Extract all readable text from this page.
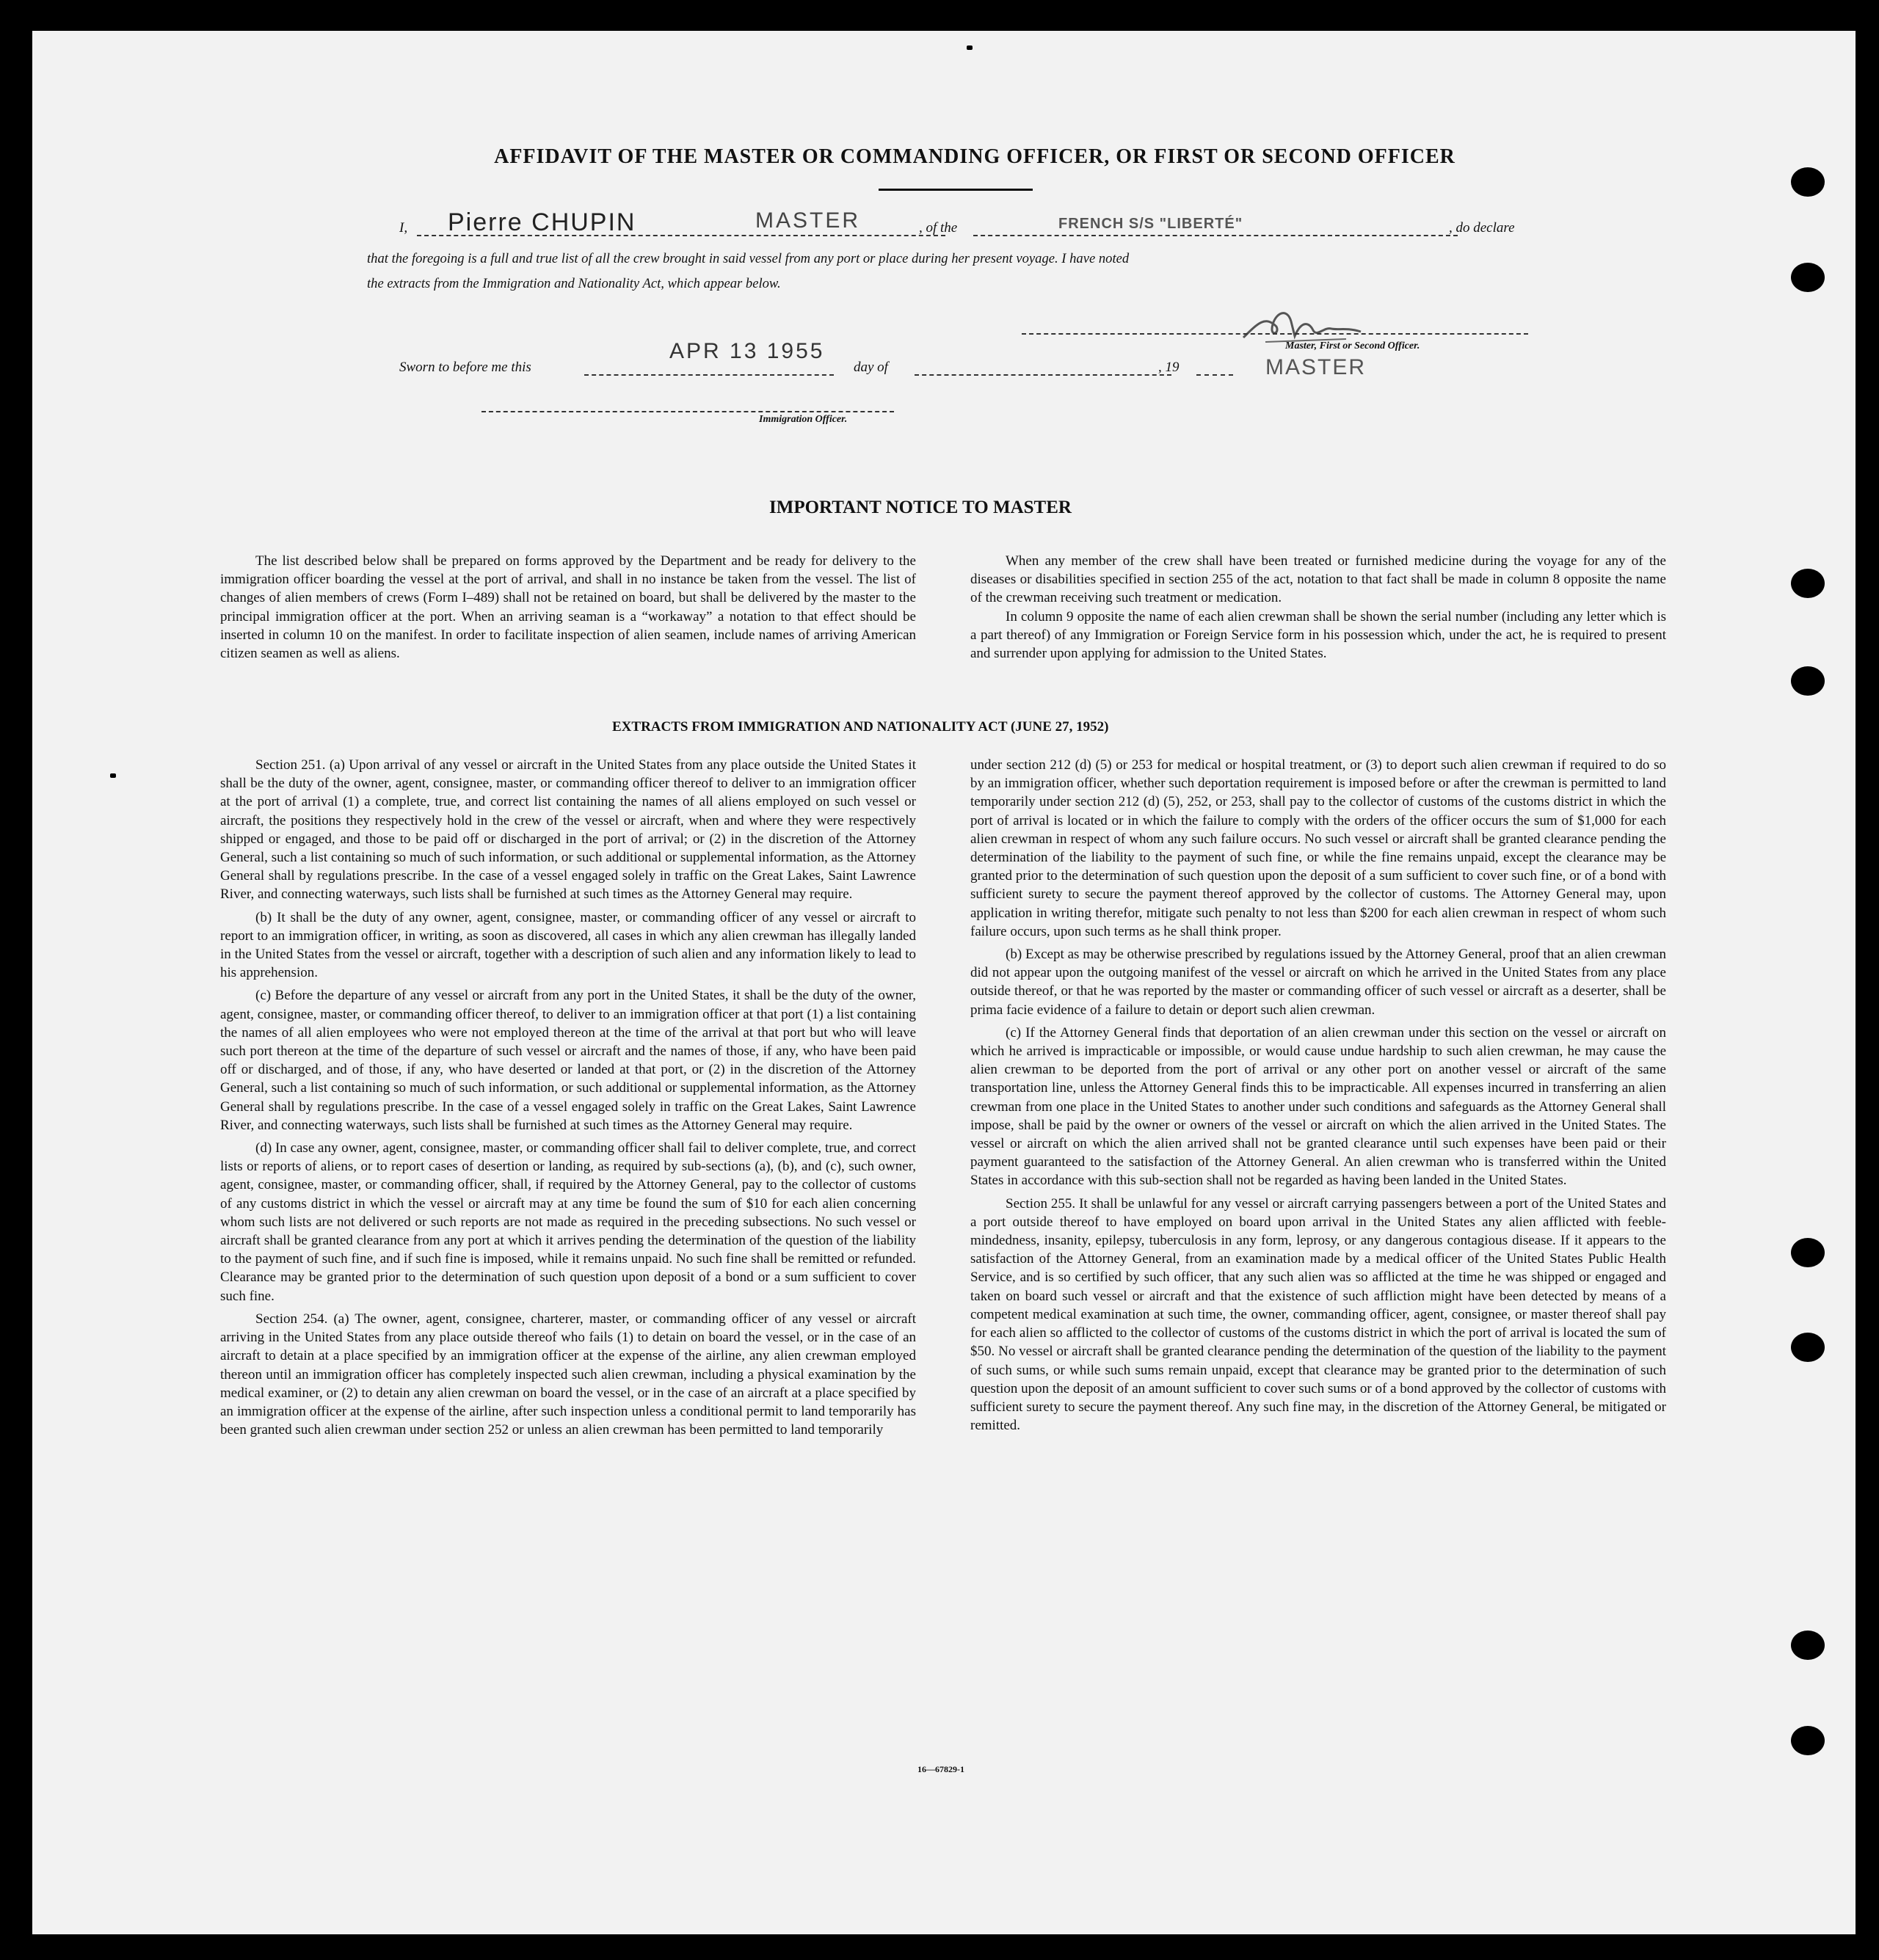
AFFIDAVIT OF THE MASTER OR COMMANDING OFFICER, OR FIRST OR SECOND OFFICER
I, Pierre CHUPIN	MASTER	, of the	FRENCH S/S "LIBERTÉ"	, do declare
that the foregoing is a full and true list of all the crew brought in said vessel from any port or place during her present voyage. I have noted
the extracts from the Immigration and Nationality Act, which appear below.
Master, First or Second Officer.
Sworn to before me this
APR 13 1955
day of	, 19	MASTER
Immigration Officer.
IMPORTANT NOTICE TO MASTER

The list described below shall be prepared on forms approved by the Department and be ready for delivery to the immigration officer boarding the vessel at the port of arrival, and shall in no instance be taken from the vessel. The list of changes of alien members of crews (Form I–489) shall not be retained on board, but shall be delivered by the master to the principal immigration officer at the port. When an arriving seaman is a “workaway” a notation to that effect should be inserted in column 10 on the manifest. In order to facilitate inspection of alien seamen, include names of arriving American citizen seamen as well as aliens.

When any member of the crew shall have been treated or furnished medicine during the voyage for any of the diseases or disabilities specified in section 255 of the act, notation to that fact shall be made in column 8 opposite the name of the crewman receiving such treatment or medication.

In column 9 opposite the name of each alien crewman shall be shown the serial number (including any letter which is a part thereof) of any Immigration or Foreign Service form in his possession which, under the act, he is required to present and surrender upon applying for admission to the United States.

EXTRACTS FROM IMMIGRATION AND NATIONALITY ACT (JUNE 27, 1952)

Section 251. (a) Upon arrival of any vessel or aircraft in the United States from any place outside the United States it shall be the duty of the owner, agent, consignee, master, or commanding officer thereof to deliver to an immigration officer at the port of arrival (1) a complete, true, and correct list containing the names of all aliens employed on such vessel or aircraft, the positions they respectively hold in the crew of the vessel or aircraft, when and where they were respectively shipped or engaged, and those to be paid off or discharged in the port of arrival; or (2) in the discretion of the Attorney General, such a list containing so much of such information, or such additional or supplemental information, as the Attorney General shall by regulations prescribe. In the case of a vessel engaged solely in traffic on the Great Lakes, Saint Lawrence River, and connecting waterways, such lists shall be furnished at such times as the Attorney General may require.

(b) It shall be the duty of any owner, agent, consignee, master, or commanding officer of any vessel or aircraft to report to an immigration officer, in writing, as soon as discovered, all cases in which any alien crewman has illegally landed in the United States from the vessel or aircraft, together with a description of such alien and any information likely to lead to his apprehension.

(c) Before the departure of any vessel or aircraft from any port in the United States, it shall be the duty of the owner, agent, consignee, master, or commanding officer thereof, to deliver to an immigration officer at that port (1) a list containing the names of all alien employees who were not employed thereon at the time of the arrival at that port but who will leave such port thereon at the time of the departure of such vessel or aircraft and the names of those, if any, who have been paid off or discharged, and of those, if any, who have deserted or landed at that port, or (2) in the discretion of the Attorney General, such a list containing so much of such information, or such additional or supplemental information, as the Attorney General shall by regulations prescribe. In the case of a vessel engaged solely in traffic on the Great Lakes, Saint Lawrence River, and connecting waterways, such lists shall be furnished at such times as the Attorney General may require.

(d) In case any owner, agent, consignee, master, or commanding officer shall fail to deliver complete, true, and correct lists or reports of aliens, or to report cases of desertion or landing, as required by sub-sections (a), (b), and (c), such owner, agent, consignee, master, or commanding officer, shall, if required by the Attorney General, pay to the collector of customs of any customs district in which the vessel or aircraft may at any time be found the sum of $10 for each alien concerning whom such lists are not delivered or such reports are not made as required in the preceding subsections. No such vessel or aircraft shall be granted clearance from any port at which it arrives pending the determination of the question of the liability to the payment of such fine, and if such fine is imposed, while it remains unpaid. No such fine shall be remitted or refunded. Clearance may be granted prior to the determination of such question upon deposit of a bond or a sum sufficient to cover such fine.

Section 254. (a) The owner, agent, consignee, charterer, master, or commanding officer of any vessel or aircraft arriving in the United States from any place outside thereof who fails (1) to detain on board the vessel, or in the case of an aircraft to detain at a place specified by an immigration officer at the expense of the airline, any alien crewman employed thereon until an immigration officer has completely inspected such alien crewman, including a physical examination by the medical examiner, or (2) to detain any alien crewman on board the vessel, or in the case of an aircraft at a place specified by an immigration officer at the expense of the airline, after such inspection unless a conditional permit to land temporarily has been granted such alien crewman under section 252 or unless an alien crewman has been permitted to land temporarily

under section 212 (d) (5) or 253 for medical or hospital treatment, or (3) to deport such alien crewman if required to do so by an immigration officer, whether such deportation requirement is imposed before or after the crewman is permitted to land temporarily under section 212 (d) (5), 252, or 253, shall pay to the collector of customs of the customs district in which the port of arrival is located or in which the failure to comply with the orders of the officer occurs the sum of $1,000 for each alien crewman in respect of whom any such failure occurs. No such vessel or aircraft shall be granted clearance pending the determination of the liability to the payment of such fine, or while the fine remains unpaid, except the clearance may be granted prior to the determination of such question upon the deposit of a sum sufficient to cover such fine, or of a bond with sufficient surety to secure the payment thereof approved by the collector of customs. The Attorney General may, upon application in writing therefor, mitigate such penalty to not less than $200 for each alien crewman in respect of whom such failure occurs, upon such terms as he shall think proper.

(b) Except as may be otherwise prescribed by regulations issued by the Attorney General, proof that an alien crewman did not appear upon the outgoing manifest of the vessel or aircraft on which he arrived in the United States from any place outside thereof, or that he was reported by the master or commanding officer of such vessel or aircraft as a deserter, shall be prima facie evidence of a failure to detain or deport such alien crewman.

(c) If the Attorney General finds that deportation of an alien crewman under this section on the vessel or aircraft on which he arrived is impracticable or impossible, or would cause undue hardship to such alien crewman, he may cause the alien crewman to be deported from the port of arrival or any other port on another vessel or aircraft of the same transportation line, unless the Attorney General finds this to be impracticable. All expenses incurred in transferring an alien crewman from one place in the United States to another under such conditions and safeguards as the Attorney General shall impose, shall be paid by the owner or owners of the vessel or aircraft on which the alien arrived in the United States. The vessel or aircraft on which the alien arrived shall not be granted clearance until such expenses have been paid or their payment guaranteed to the satisfaction of the Attorney General. An alien crewman who is transferred within the United States in accordance with this sub-section shall not be regarded as having been landed in the United States.

Section 255. It shall be unlawful for any vessel or aircraft carrying passengers between a port of the United States and a port outside thereof to have employed on board upon arrival in the United States any alien afflicted with feeble-mindedness, insanity, epilepsy, tuberculosis in any form, leprosy, or any dangerous contagious disease. If it appears to the satisfaction of the Attorney General, from an examination made by a medical officer of the United States Public Health Service, and is so certified by such officer, that any such alien was so afflicted at the time he was shipped or engaged and taken on board such vessel or aircraft and that the existence of such affliction might have been detected by means of a competent medical examination at such time, the owner, commanding officer, agent, consignee, or master thereof shall pay for each alien so afflicted to the collector of customs of the customs district in which the port of arrival is located the sum of $50. No vessel or aircraft shall be granted clearance pending the determination of the question of the liability to the payment of such sums, or while such sums remain unpaid, except that clearance may be granted prior to the determination of such question upon the deposit of an amount sufficient to cover such sums or of a bond approved by the collector of customs with sufficient surety to secure the payment thereof. Any such fine may, in the discretion of the Attorney General, be mitigated or remitted.

16—67829-1
